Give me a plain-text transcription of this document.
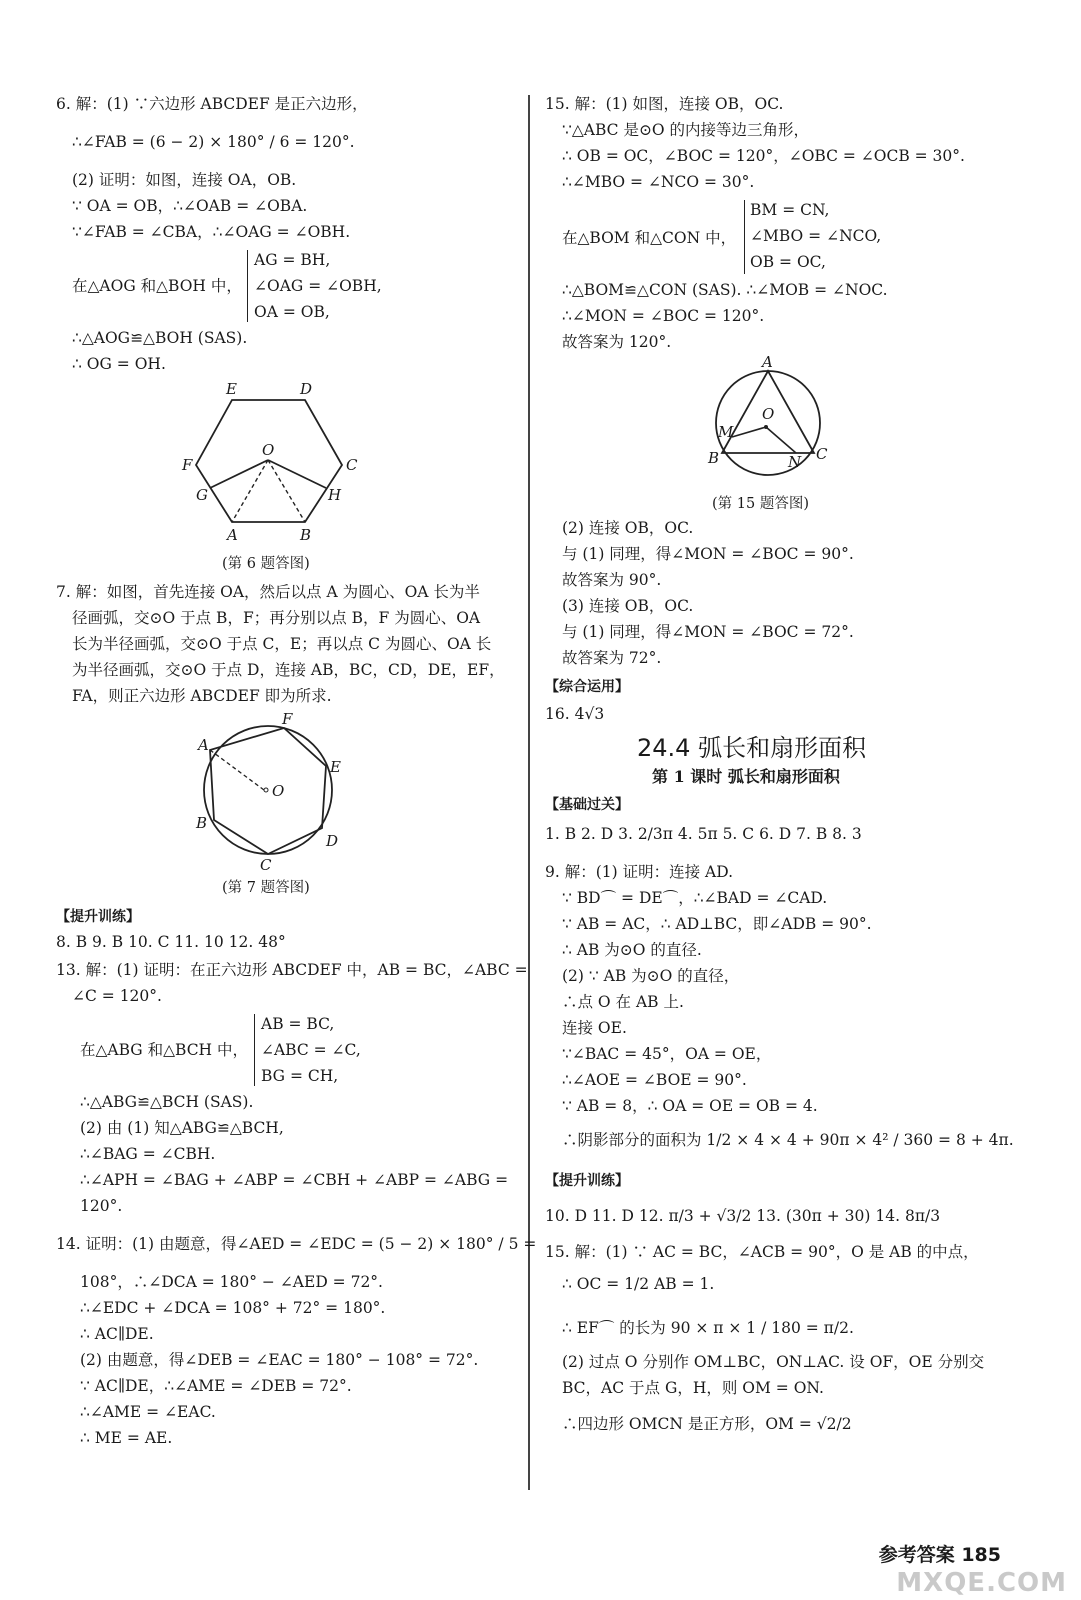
6. 解：(1) ∵六边形 ABCDEF 是正六边形，
∴∠FAB = (6 − 2) × 180° / 6 = 120°.
(2) 证明：如图，连接 OA，OB.
∵ OA = OB，∴∠OAB = ∠OBA.
∵∠FAB = ∠CBA，∴∠OAG = ∠OBH.
在△AOG 和△BOH 中，
AG = BH,
∠OAG = ∠OBH,
OA = OB,
∴△AOG≌△BOH (SAS).
∴ OG = OH.
E	D
F	C
G	H
A	B
O
(第 6 题答图)
7. 解：如图，首先连接 OA，然后以点 A 为圆心、OA 长为半
径画弧，交⊙O 于点 B，F；再分别以点 B，F 为圆心、OA
长为半径画弧，交⊙O 于点 C，E；再以点 C 为圆心、OA 长
为半径画弧，交⊙O 于点 D，连接 AB，BC，CD，DE，EF，
FA，则正六边形 ABCDEF 即为所求.
F
A
E
O
B
D
C
(第 7 题答图)
【提升训练】
8. B 9. B 10. C 11. 10 12. 48°
13. 解：(1) 证明：在正六边形 ABCDEF 中，AB = BC，∠ABC =
∠C = 120°.
在△ABG 和△BCH 中，
AB = BC,
∠ABC = ∠C,
BG = CH,
∴△ABG≌△BCH (SAS).
(2) 由 (1) 知△ABG≌△BCH,
∴∠BAG = ∠CBH.
∴∠APH = ∠BAG + ∠ABP = ∠CBH + ∠ABP = ∠ABG =
120°.
14. 证明：(1) 由题意，得∠AED = ∠EDC = (5 − 2) × 180° / 5 =
108°，∴∠DCA = 180° − ∠AED = 72°.
∴∠EDC + ∠DCA = 108° + 72° = 180°.
∴ AC∥DE.
(2) 由题意，得∠DEB = ∠EAC = 180° − 108° = 72°.
∵ AC∥DE，∴∠AME = ∠DEB = 72°.
∴∠AME = ∠EAC.
∴ ME = AE.
15. 解：(1) 如图，连接 OB，OC.
∵△ABC 是⊙O 的内接等边三角形，
∴ OB = OC，∠BOC = 120°，∠OBC = ∠OCB = 30°.
∴∠MBO = ∠NCO = 30°.
在△BOM 和△CON 中，
BM = CN,
∠MBO = ∠NCO,
OB = OC,
∴△BOM≌△CON (SAS). ∴∠MOB = ∠NOC.
∴∠MON = ∠BOC = 120°.
故答案为 120°.
A
O
M
B	N C
(第 15 题答图)
(2) 连接 OB，OC.
与 (1) 同理，得∠MON = ∠BOC = 90°.
故答案为 90°.
(3) 连接 OB，OC.
与 (1) 同理，得∠MON = ∠BOC = 72°.
故答案为 72°.
【综合运用】
16. 4√3
24.4 弧长和扇形面积
第 1 课时 弧长和扇形面积
【基础过关】
1. B 2. D 3. 2/3π 4. 5π 5. C 6. D 7. B 8. 3
9. 解：(1) 证明：连接 AD.
∵ BD⌒ = DE⌒，∴∠BAD = ∠CAD.
∵ AB = AC，∴ AD⊥BC，即∠ADB = 90°.
∴ AB 为⊙O 的直径.
(2) ∵ AB 为⊙O 的直径，
∴点 O 在 AB 上.
连接 OE.
∵∠BAC = 45°，OA = OE，
∴∠AOE = ∠BOE = 90°.
∵ AB = 8，∴ OA = OE = OB = 4.
∴阴影部分的面积为 1/2 × 4 × 4 + 90π × 4² / 360 = 8 + 4π.
【提升训练】
10. D 11. D 12. π/3 + √3/2 13. (30π + 30) 14. 8π/3
15. 解：(1) ∵ AC = BC，∠ACB = 90°，O 是 AB 的中点，
∴ OC = 1/2 AB = 1.
∴ EF⌒ 的长为 90 × π × 1 / 180 = π/2.
(2) 过点 O 分别作 OM⊥BC，ON⊥AC. 设 OF，OE 分别交
BC，AC 于点 G，H，则 OM = ON.
∴四边形 OMCN 是正方形，OM = √2/2
参考答案 185
MXQE.COM
